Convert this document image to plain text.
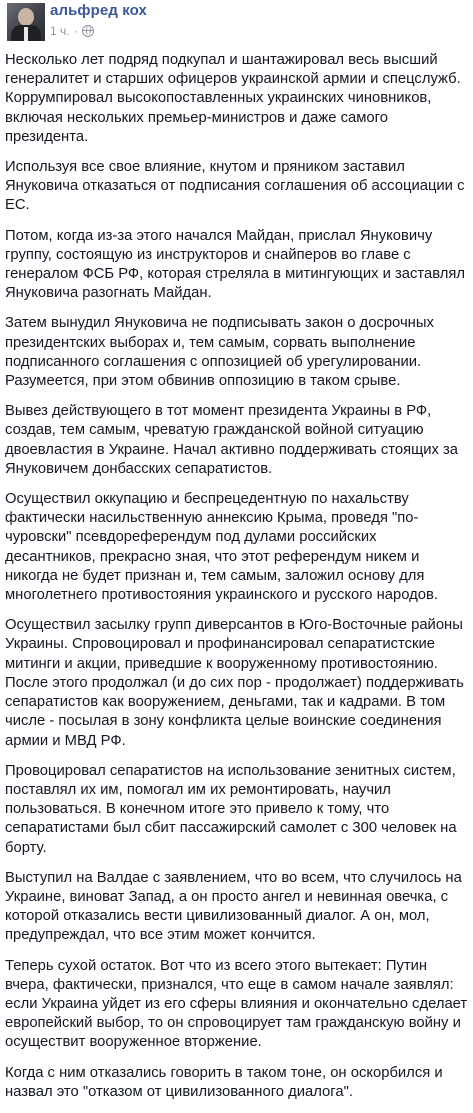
альфред кох
1 ч. ·

Несколько лет подряд подкупал и шантажировал весь высший генералитет и старших офицеров украинской армии и спецслужб. Коррумпировал высокопоставленных украинских чиновников, включая нескольких премьер-министров и даже самого президента.

Используя все свое влияние, кнутом и пряником заставил Януковича отказаться от подписания соглашения об ассоциации с ЕС.

Потом, когда из-за этого начался Майдан, прислал Януковичу группу, состоящую из инструкторов и снайперов во главе с генералом ФСБ РФ, которая стреляла в митингующих и заставлял Януковича разогнать Майдан.

Затем вынудил Януковича не подписывать закон о досрочных президентских выборах и, тем самым, сорвать выполнение подписанного соглашения с оппозицией об урегулировании. Разумеется, при этом обвинив оппозицию в таком срыве.

Вывез действующего в тот момент президента Украины в РФ, создав, тем самым, чреватую гражданской войной ситуацию двоевластия в Украине. Начал активно поддерживать стоящих за Януковичем донбасских сепаратистов.

Осуществил оккупацию и беспрецедентную по нахальству фактически насильственную аннексию Крыма, проведя "по-чуровски" псевдореферендум под дулами российских десантников, прекрасно зная, что этот референдум никем и никогда не будет признан и, тем самым, заложил основу для многолетнего противостояния украинского и русского народов.

Осуществил засылку групп диверсантов в Юго-Восточные районы Украины. Спровоцировал и профинансировал сепаратистские митинги и акции, приведшие к вооруженному противостоянию. После этого продолжал (и до сих пор - продолжает) поддерживать сепаратистов как вооружением, деньгами, так и кадрами. В том числе - посылая в зону конфликта целые воинские соединения армии и МВД РФ.

Провоцировал сепаратистов на использование зенитных систем, поставлял их им, помогал им их ремонтировать, научил пользоваться. В конечном итоге это привело к тому, что сепаратистами был сбит пассажирский самолет с 300 человек на борту.

Выступил на Валдае с заявлением, что во всем, что случилось на Украине, виноват Запад, а он просто ангел и невинная овечка, с которой отказались вести цивилизованный диалог. А он, мол, предупреждал, что все этим может кончится.

Теперь сухой остаток. Вот что из всего этого вытекает: Путин вчера, фактически, признался, что еще в самом начале заявлял: если Украина уйдет из его сферы влияния и окончательно сделает европейский выбор, то он спровоцирует там гражданскую войну и осуществит вооруженное вторжение.

Когда с ним отказались говорить в таком тоне, он оскорбился и назвал это "отказом от цивилизованного диалога".
